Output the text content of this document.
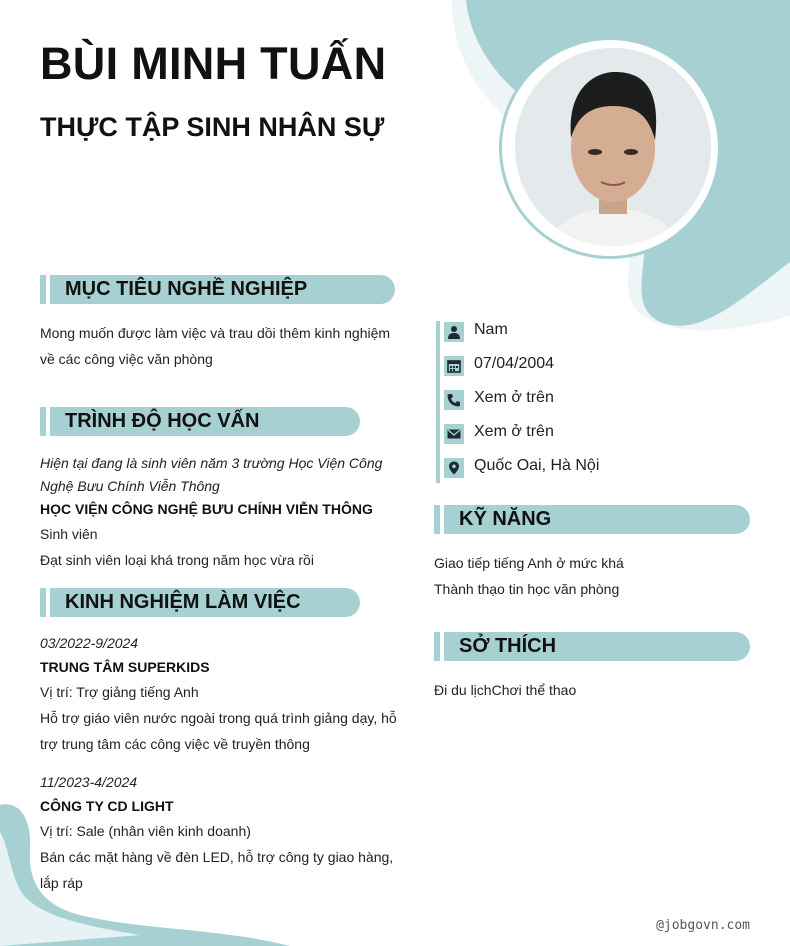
BÙI MINH TUẤN
THỰC TẬP SINH NHÂN SỰ
MỤC TIÊU NGHỀ NGHIỆP
Mong muốn được làm việc và trau dồi thêm kinh nghiệm
về các công việc văn phòng
TRÌNH ĐỘ HỌC VẤN
Hiện tại đang là sinh viên năm 3 trường Học Viện Công
Nghệ Bưu Chính Viễn Thông
HỌC VIỆN CÔNG NGHỆ BƯU CHÍNH VIỄN THÔNG
Sinh viên
Đạt sinh viên loại khá trong năm học vừa rồi
KINH NGHIỆM LÀM VIỆC
03/2022-9/2024
TRUNG TÂM SUPERKIDS
Vị trí: Trợ giảng tiếng Anh
Hỗ trợ giáo viên nước ngoài trong quá trình giảng dạy, hỗ
trợ trung tâm các công việc về truyền thông
11/2023-4/2024
CÔNG TY CD LIGHT
Vị trí: Sale (nhân viên kinh doanh)
Bán các mặt hàng về đèn LED, hỗ trợ công ty giao hàng,
lắp ráp
Nam
07/04/2004
Xem ở trên
Xem ở trên
Quốc Oai, Hà Nội
KỸ NĂNG
Giao tiếp tiếng Anh ở mức khá
Thành thạo tin học văn phòng
SỞ THÍCH
Đi du lịchChơi thể thao
@jobgovn.com
